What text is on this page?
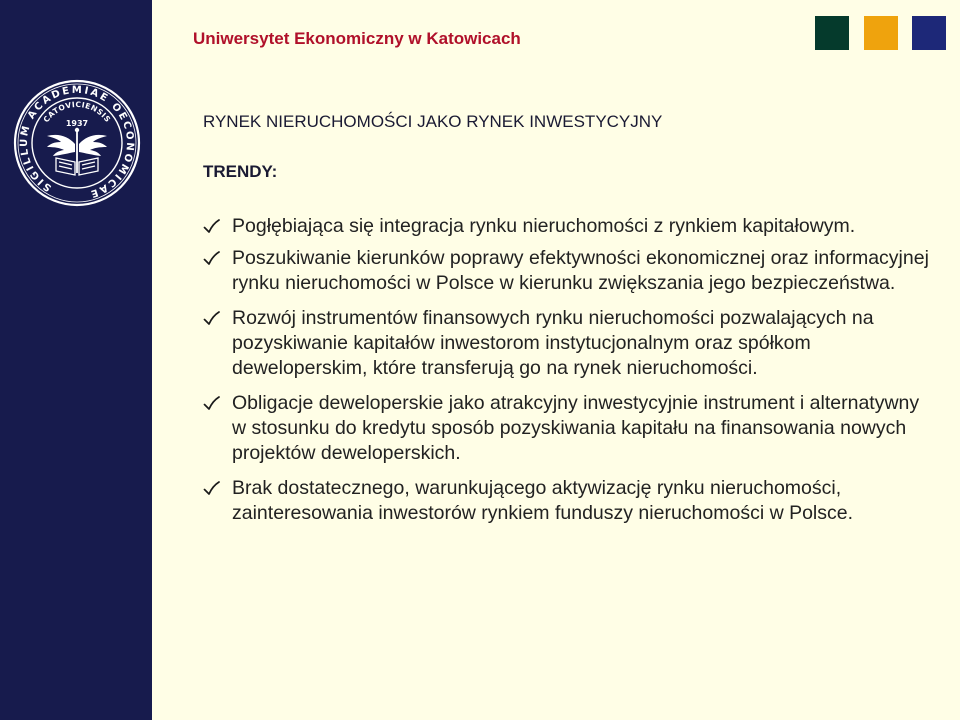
SIGILLUM ACADEMIAE OECONOMICAE
CATOVICIENSIS
1937
Uniwersytet Ekonomiczny w Katowicach
RYNEK NIERUCHOMOŚCI JAKO RYNEK INWESTYCYJNY
TRENDY:
Pogłębiająca się integracja rynku nieruchomości z rynkiem kapitałowym.
Poszukiwanie kierunków poprawy efektywności ekonomicznej oraz informacyjnej
rynku nieruchomości w Polsce w kierunku zwiększania jego bezpieczeństwa.
Rozwój instrumentów finansowych rynku nieruchomości pozwalających na
pozyskiwanie kapitałów inwestorom instytucjonalnym oraz spółkom
deweloperskim, które transferują go na rynek nieruchomości.
Obligacje deweloperskie jako atrakcyjny inwestycyjnie instrument i alternatywny
w stosunku do kredytu sposób pozyskiwania kapitału na finansowania nowych
projektów deweloperskich.
Brak dostatecznego, warunkującego aktywizację rynku nieruchomości,
zainteresowania inwestorów rynkiem funduszy nieruchomości w Polsce.
